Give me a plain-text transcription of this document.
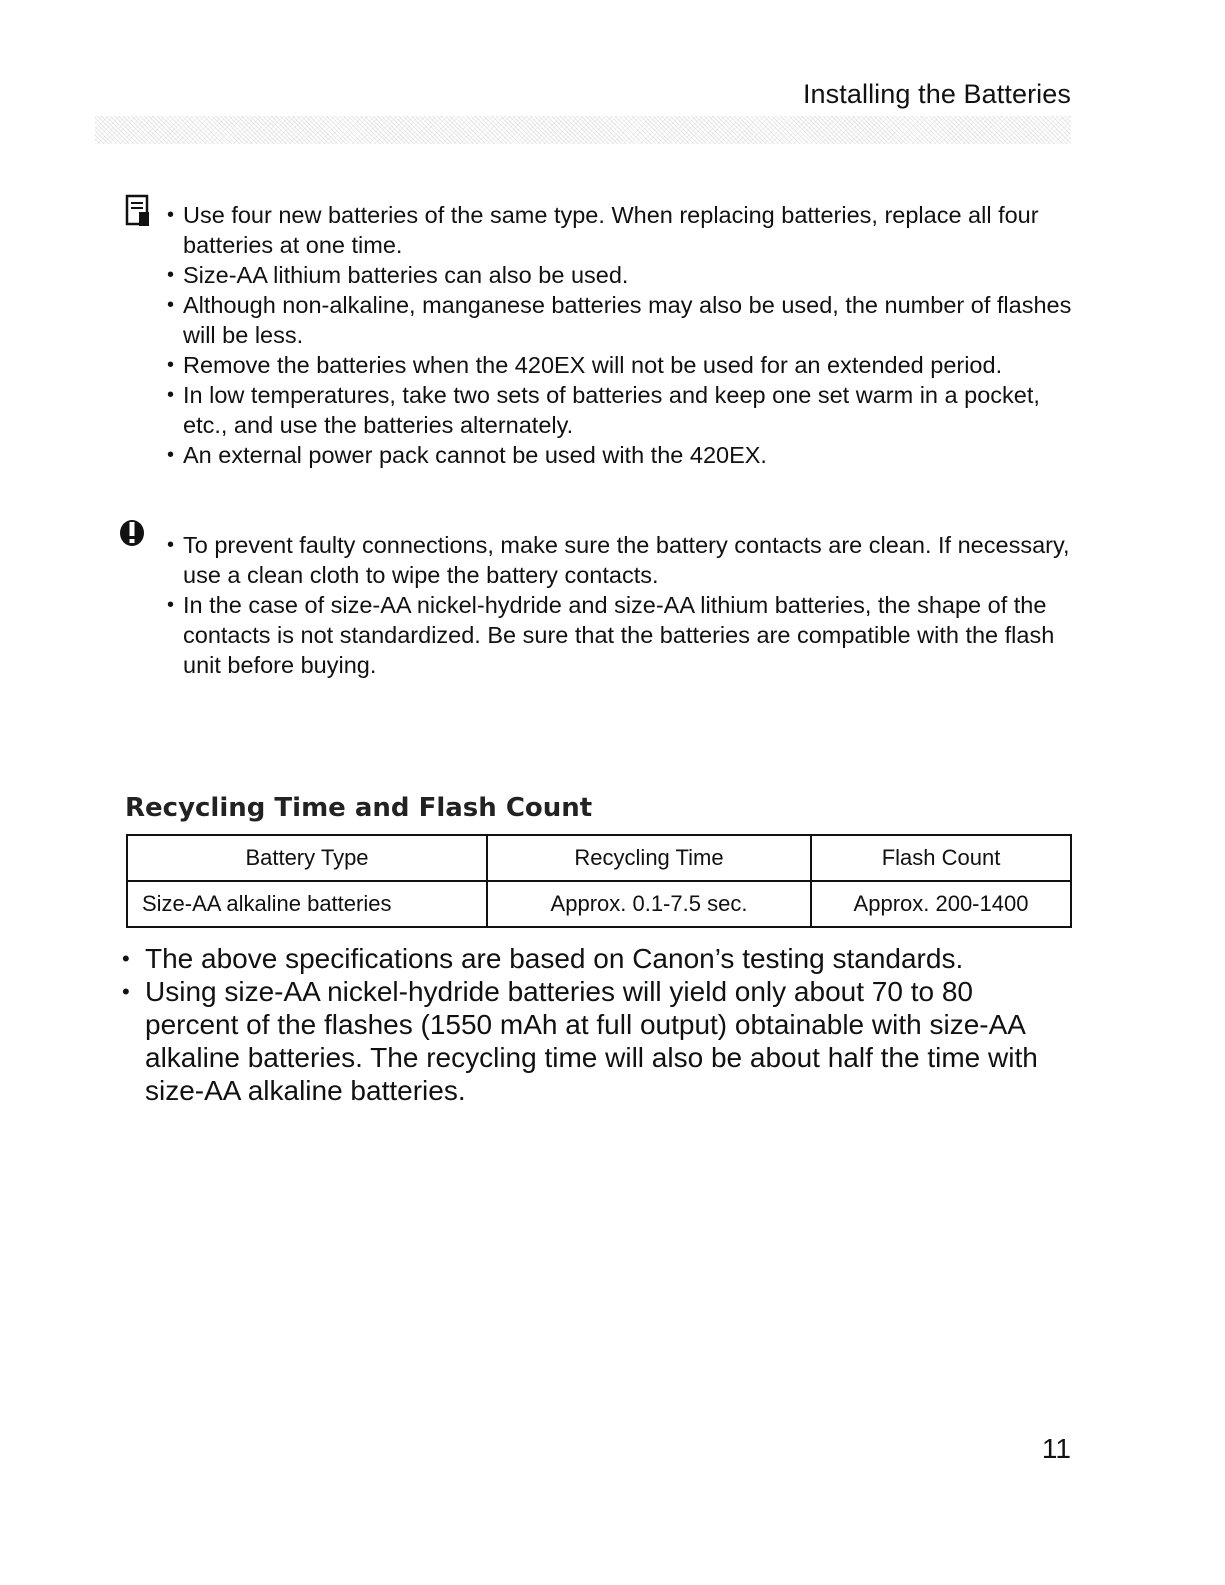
Installing the Batteries
• Use four new batteries of the same type. When replacing batteries, replace all four batteries at one time.
• Size-AA lithium batteries can also be used.
• Although non-alkaline, manganese batteries may also be used, the number of flashes will be less.
• Remove the batteries when the 420EX will not be used for an extended period.
• In low temperatures, take two sets of batteries and keep one set warm in a pocket, etc., and use the batteries alternately.
• An external power pack cannot be used with the 420EX.
• To prevent faulty connections, make sure the battery contacts are clean. If necessary, use a clean cloth to wipe the battery contacts.
• In the case of size-AA nickel-hydride and size-AA lithium batteries, the shape of the contacts is not standardized. Be sure that the batteries are compatible with the flash unit before buying.
Recycling Time and Flash Count
Battery Type	Recycling Time	Flash Count
Size-AA alkaline batteries	Approx. 0.1-7.5 sec.	Approx. 200-1400
• The above specifications are based on Canon’s testing standards.
• Using size-AA nickel-hydride batteries will yield only about 70 to 80 percent of the flashes (1550 mAh at full output) obtainable with size-AA alkaline batteries. The recycling time will also be about half the time with size-AA alkaline batteries.
11
